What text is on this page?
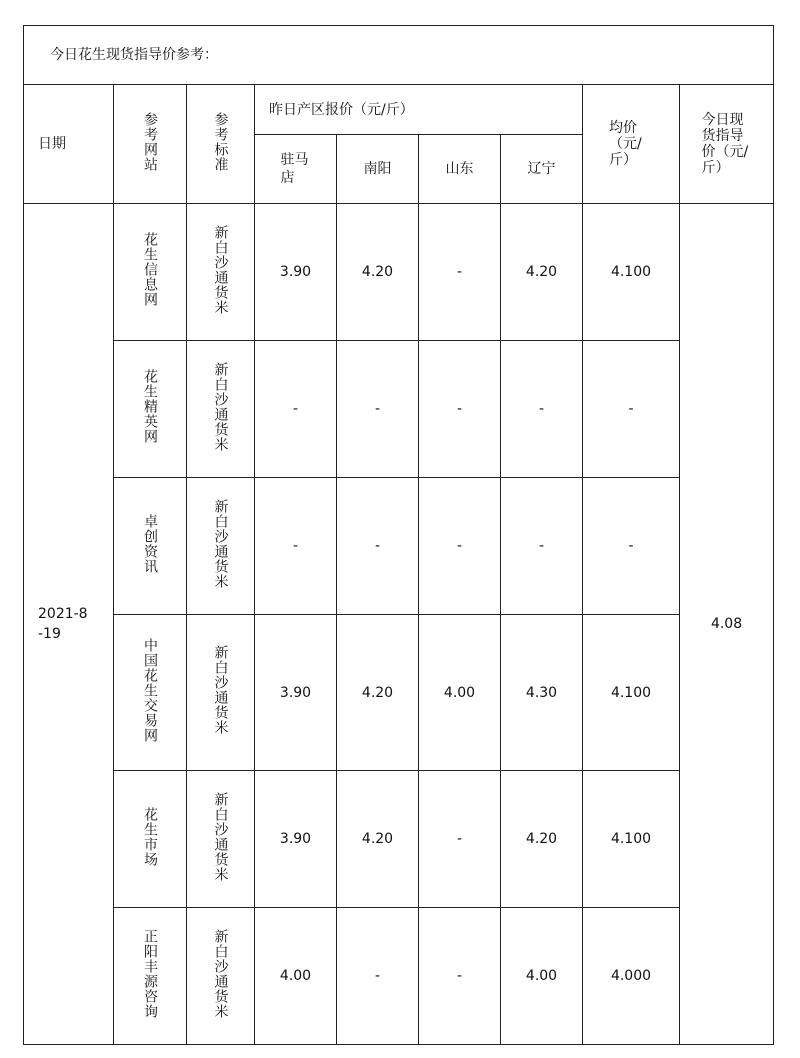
今日花生现货指导价参考：								
日期	参考网站	参考标准	昨日产区报价（元/斤）				均价（元/斤）	今日现货指导价（元/斤）
			驻马店	南阳	山东	辽宁		
2021-8-19	花生信息网	新白沙通货米	3.90	4.20	-	4.20	4.100	4.08
	花生精英网	新白沙通货米	-	-	-	-	-	
	卓创资讯	新白沙通货米	-	-	-	-	-	
	中国花生交易网	新白沙通货米	3.90	4.20	4.00	4.30	4.100	
	花生市场	新白沙通货米	3.90	4.20	-	4.20	4.100	
	正阳丰源咨询	新白沙通货米	4.00	-	-	4.00	4.000	
